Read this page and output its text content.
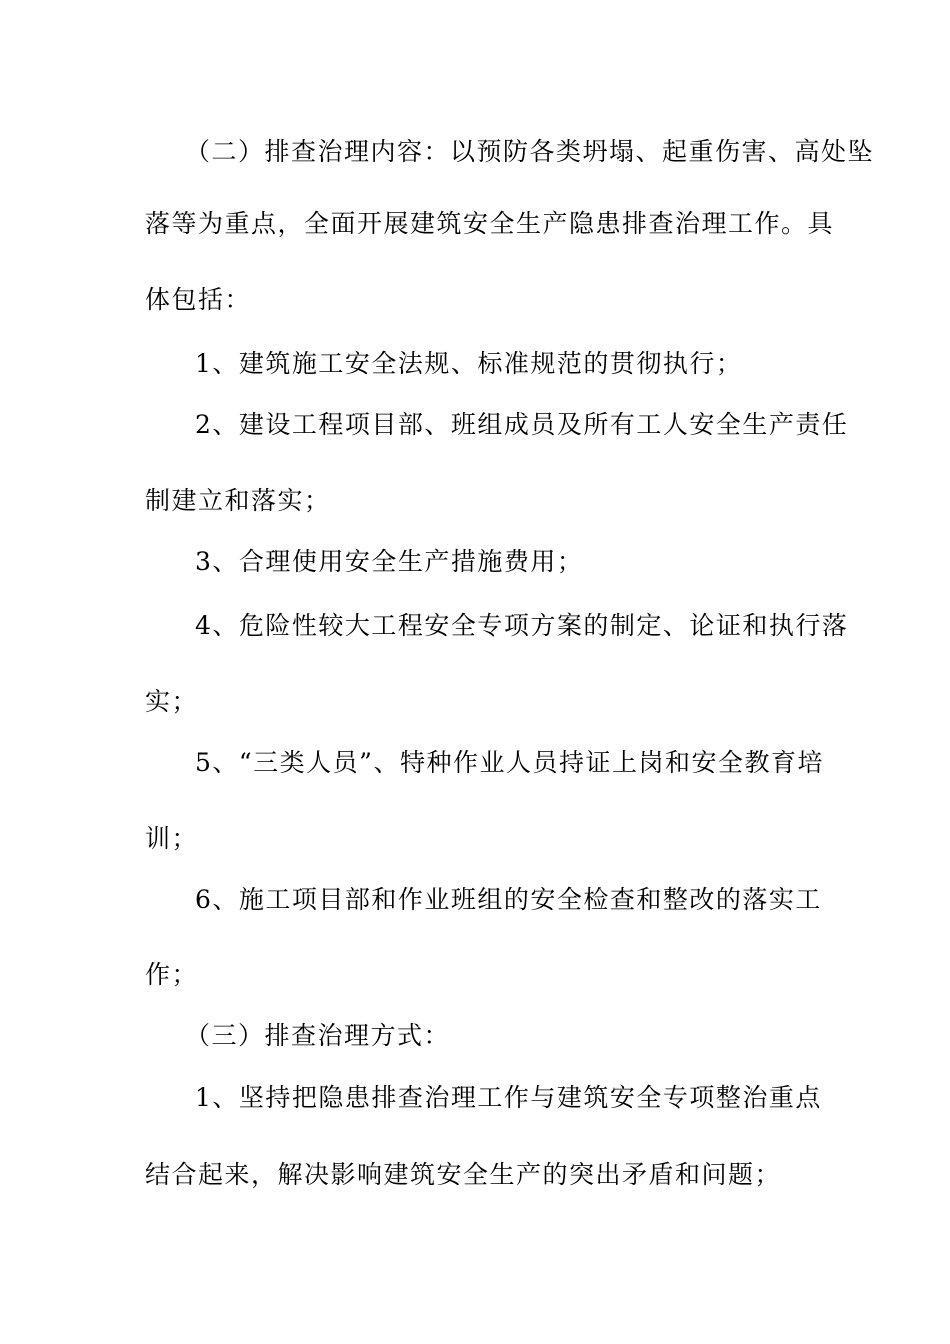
（二）排查治理内容：以预防各类坍塌、起重伤害、高处坠
落等为重点，全面开展建筑安全生产隐患排查治理工作。具
体包括：
1、建筑施工安全法规、标准规范的贯彻执行；
2、建设工程项目部、班组成员及所有工人安全生产责任
制建立和落实；
3、合理使用安全生产措施费用；
4、危险性较大工程安全专项方案的制定、论证和执行落
实；
5、“三类人员”、特种作业人员持证上岗和安全教育培
训；
6、施工项目部和作业班组的安全检查和整改的落实工
作；
（三）排查治理方式：
1、坚持把隐患排查治理工作与建筑安全专项整治重点
结合起来，解决影响建筑安全生产的突出矛盾和问题；
